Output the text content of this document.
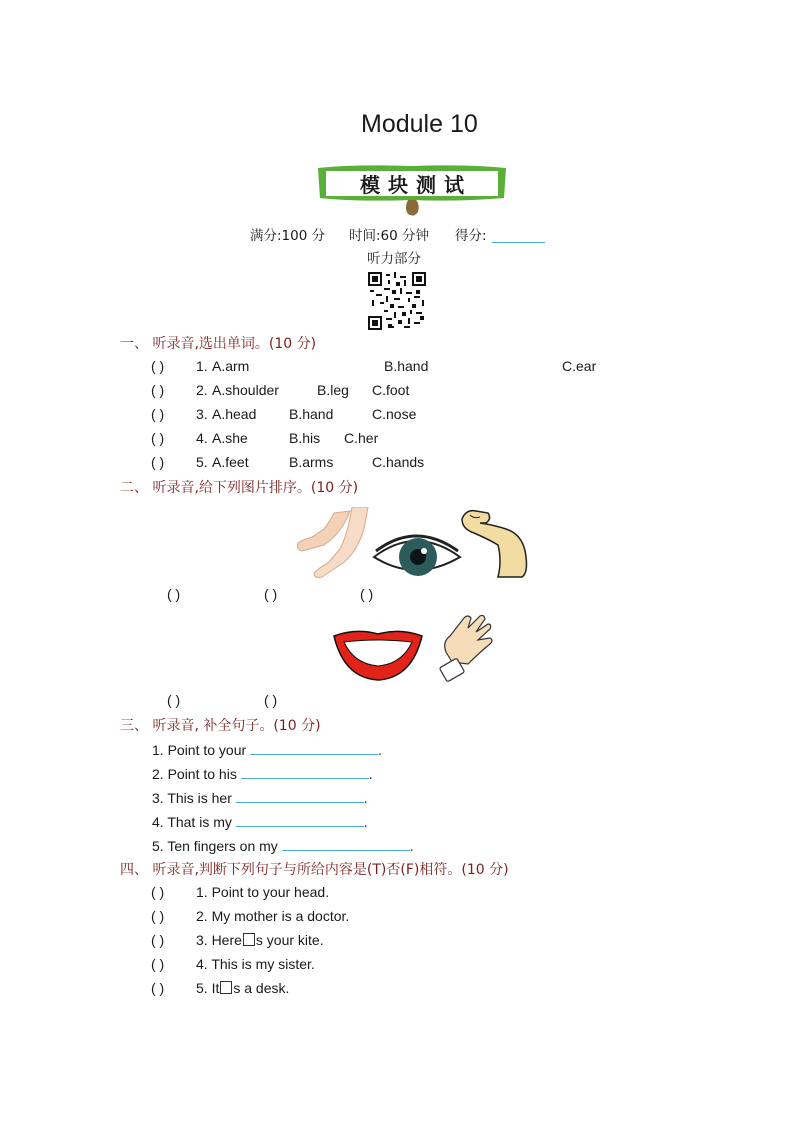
Module 10
模块测试
满分:100 分 时间:60 分钟 得分:
听力部分
一、 听录音,选出单词。(10 分)
( ) 1. A.arm	B.hand	C.ear
( ) 2. A.shoulder	B.leg C.foot
( ) 3. A.head B.hand	C.nose
( ) 4. A.she	B.his C.her
( ) 5. A.feet	B.arms	C.hands
二、 听录音,给下列图片排序。(10 分)
( )	( )	( )
( )	( )
三、 听录音, 补全句子。(10 分)
1. Point to your	.
2. Point to his	.
3. This is her	.
4. That is my	.
5. Ten fingers on my	.
四、 听录音,判断下列句子与所给内容是(T)否(F)相符。(10 分)
( ) 1. Point to your head.
( ) 2. My mother is a doctor.
( ) 3. Here s your kite.
( ) 4. This is my sister.
( ) 5. It s a desk.
